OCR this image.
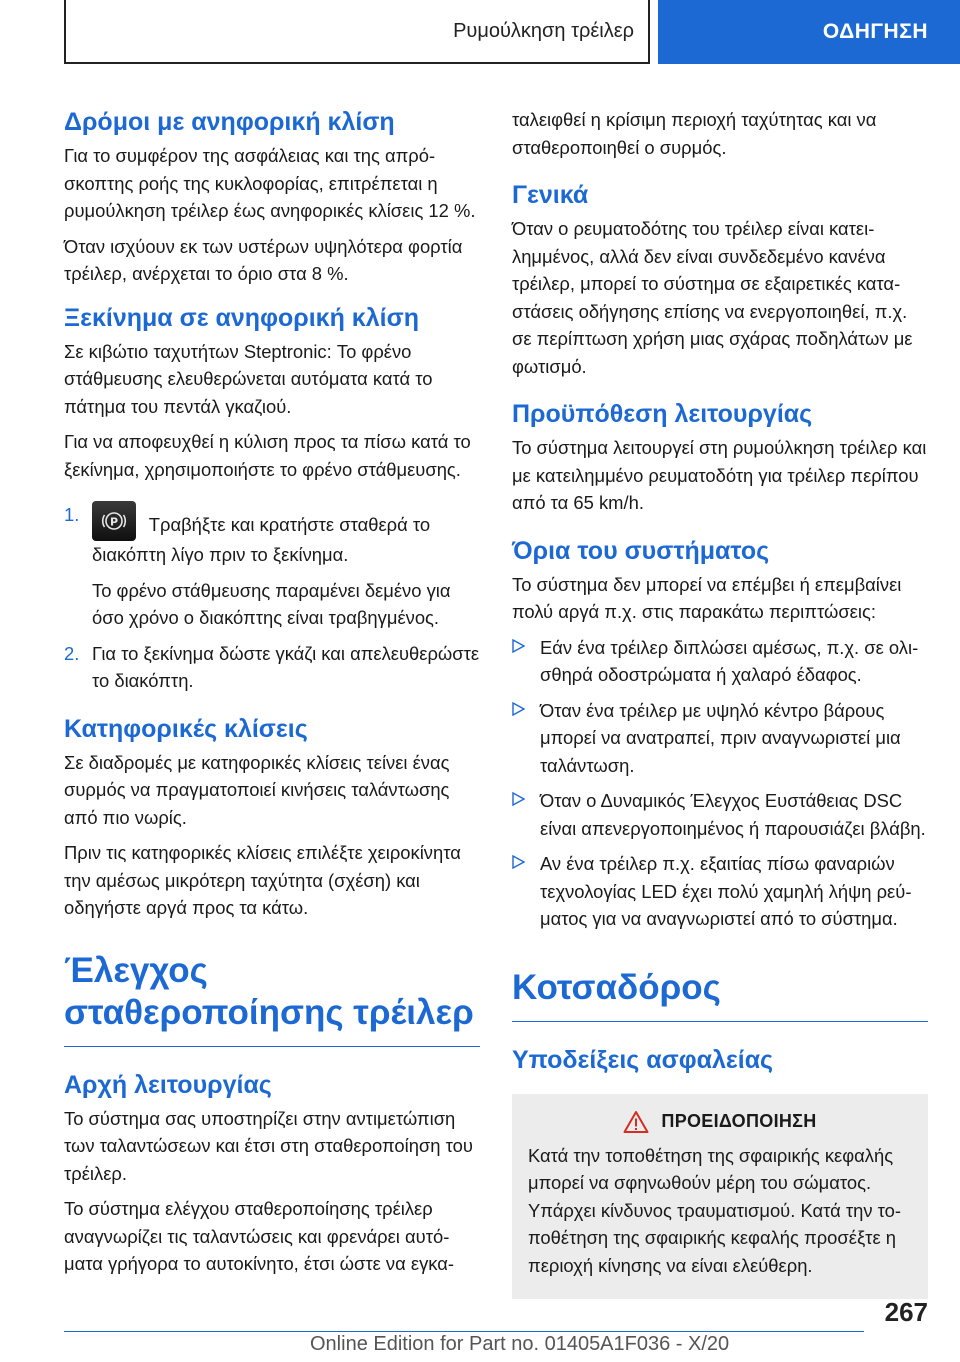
Ρυμούλκηση τρέιλερ	ΟΔΗΓΗΣΗ
Δρόμοι με ανηφορική κλίση

Για το συμφέρον της ασφάλειας και της απρόσκοπτης ροής της κυκλοφορίας, επιτρέπεται η ρυμούλκηση τρέιλερ έως ανηφορικές κλίσεις 12 %.

Όταν ισχύουν εκ των υστέρων υψηλότερα φορτία τρέιλερ, ανέρχεται το όριο στα 8 %.

Ξεκίνημα σε ανηφορική κλίση

Σε κιβώτιο ταχυτήτων Steptronic: Το φρένο στάθμευσης ελευθερώνεται αυτόματα κατά το πάτημα του πεντάλ γκαζιού.

Για να αποφευχθεί η κύλιση προς τα πίσω κατά το ξεκίνημα, χρησιμοποιήστε το φρένο στάθμευσης.

1.	P Τραβήξτε και κρατήστε σταθερά το διακόπτη λίγο πριν το ξεκίνημα.
Το φρένο στάθμευσης παραμένει δεμένο για όσο χρόνο ο διακόπτης είναι τραβηγμένος.
2. Για το ξεκίνημα δώστε γκάζι και απελευθερώστε το διακόπτη.
Κατηφορικές κλίσεις

Σε διαδρομές με κατηφορικές κλίσεις τείνει ένας συρμός να πραγματοποιεί κινήσεις ταλάντωσης από πιο νωρίς.

Πριν τις κατηφορικές κλίσεις επιλέξτε χειροκίνητα την αμέσως μικρότερη ταχύτητα (σχέση) και οδηγήστε αργά προς τα κάτω.

Έλεγχος σταθεροποίησης τρέιλερ
Αρχή λειτουργίας

Το σύστημα σας υποστηρίζει στην αντιμετώπιση των ταλαντώσεων και έτσι στη σταθεροποίηση του τρέιλερ.

Το σύστημα ελέγχου σταθεροποίησης τρέιλερ αναγνωρίζει τις ταλαντώσεις και φρενάρει αυτόματα γρήγορα το αυτοκίνητο, έτσι ώστε να εγκα-

ταλειφθεί η κρίσιμη περιοχή ταχύτητας και να σταθεροποιηθεί ο συρμός.

Γενικά

Όταν ο ρευματοδότης του τρέιλερ είναι κατειλημμένος, αλλά δεν είναι συνδεδεμένο κανένα τρέιλερ, μπορεί το σύστημα σε εξαιρετικές καταστάσεις οδήγησης επίσης να ενεργοποιηθεί, π.χ. σε περίπτωση χρήση μιας σχάρας ποδηλάτων με φωτισμό.

Προϋπόθεση λειτουργίας

Το σύστημα λειτουργεί στη ρυμούλκηση τρέιλερ και με κατειλημμένο ρευματοδότη για τρέιλερ περίπου από τα 65 km/h.

Όρια του συστήματος

Το σύστημα δεν μπορεί να επέμβει ή επεμβαίνει πολύ αργά π.χ. στις παρακάτω περιπτώσεις:

Εάν ένα τρέιλερ διπλώσει αμέσως, π.χ. σε ολισθηρά οδοστρώματα ή χαλαρό έδαφος.
Όταν ένα τρέιλερ με υψηλό κέντρο βάρους μπορεί να ανατραπεί, πριν αναγνωριστεί μια ταλάντωση.
Όταν ο Δυναμικός Έλεγχος Ευστάθειας DSC είναι απενεργοποιημένος ή παρουσιάζει βλάβη.
Αν ένα τρέιλερ π.χ. εξαιτίας πίσω φαναριών τεχνολογίας LED έχει πολύ χαμηλή λήψη ρεύματος για να αναγνωριστεί από το σύστημα.
Κοτσαδόρος
Υποδείξεις ασφαλείας
ΠΡΟΕΙΔΟΠΟΙΗΣΗ

Κατά την τοποθέτηση της σφαιρικής κεφαλής μπορεί να σφηνωθούν μέρη του σώματος. Υπάρχει κίνδυνος τραυματισμού. Κατά την τοποθέτηση της σφαιρικής κεφαλής προσέξτε η περιοχή κίνησης να είναι ελεύθερη.

267
Online Edition for Part no. 01405A1F036 - X/20
